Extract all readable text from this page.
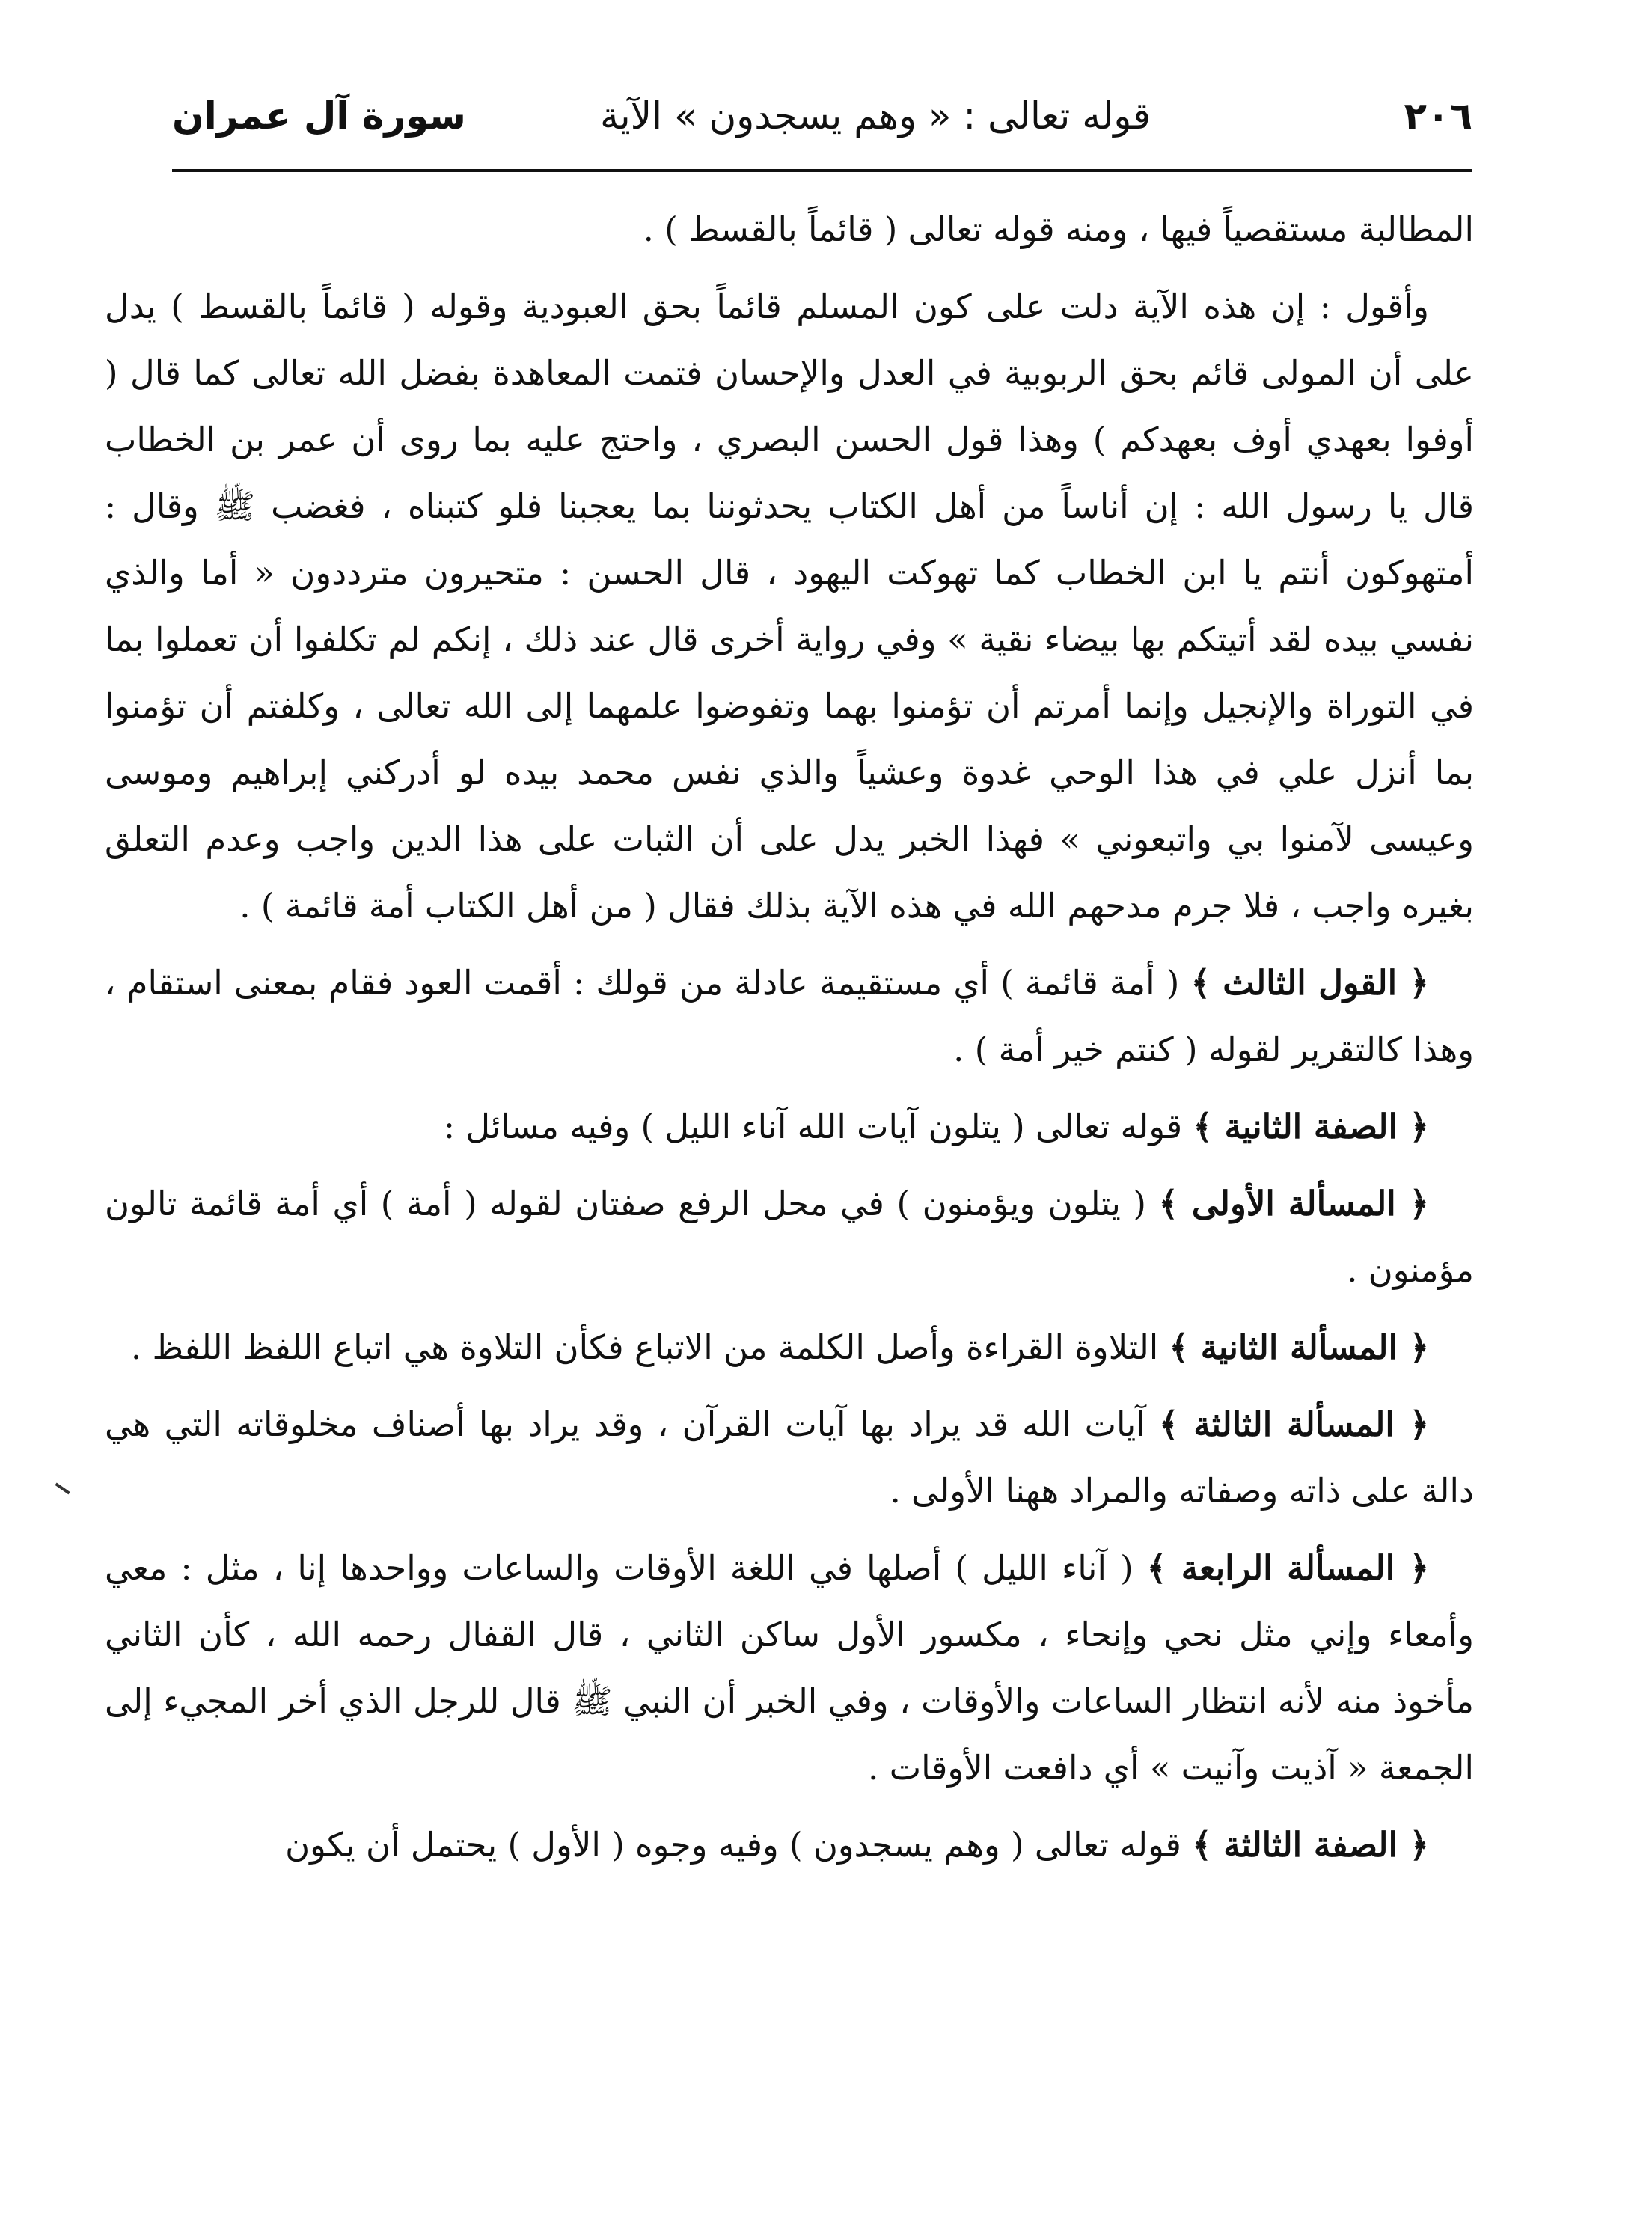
٢٠٦
قوله تعالى : « وهم يسجدون » الآية
سورة آل عمران

المطالبة مستقصياً فيها ، ومنه قوله تعالى ( قائماً بالقسط ) .

وأقول : إن هذه الآية دلت على كون المسلم قائماً بحق العبودية وقوله ( قائماً بالقسط ) يدل على أن المولى قائم بحق الربوبية في العدل والإحسان فتمت المعاهدة بفضل الله تعالى كما قال ( أوفوا بعهدي أوف بعهدكم ) وهذا قول الحسن البصري ، واحتج عليه بما روى أن عمر بن الخطاب قال يا رسول الله : إن أناساً من أهل الكتاب يحدثوننا بما يعجبنا فلو كتبناه ، فغضب ﷺ وقال : أمتهوكون أنتم يا ابن الخطاب كما تهوكت اليهود ، قال الحسن : متحيرون مترددون « أما والذي نفسي بيده لقد أتيتكم بها بيضاء نقية » وفي رواية أخرى قال عند ذلك ، إنكم لم تكلفوا أن تعملوا بما في التوراة والإنجيل وإنما أمرتم أن تؤمنوا بهما وتفوضوا علمهما إلى الله تعالى ، وكلفتم أن تؤمنوا بما أنزل علي في هذا الوحي غدوة وعشياً والذي نفس محمد بيده لو أدركني إبراهيم وموسى وعيسى لآمنوا بي واتبعوني » فهذا الخبر يدل على أن الثبات على هذا الدين واجب وعدم التعلق بغيره واجب ، فلا جرم مدحهم الله في هذه الآية بذلك فقال ( من أهل الكتاب أمة قائمة ) .

﴿ القول الثالث ﴾ ( أمة قائمة ) أي مستقيمة عادلة من قولك : أقمت العود فقام بمعنى استقام ، وهذا كالتقرير لقوله ( كنتم خير أمة ) .

﴿ الصفة الثانية ﴾ قوله تعالى ( يتلون آيات الله آناء الليل ) وفيه مسائل :

﴿ المسألة الأولى ﴾ ( يتلون ويؤمنون ) في محل الرفع صفتان لقوله ( أمة ) أي أمة قائمة تالون مؤمنون .

﴿ المسألة الثانية ﴾ التلاوة القراءة وأصل الكلمة من الاتباع فكأن التلاوة هي اتباع اللفظ اللفظ .

﴿ المسألة الثالثة ﴾ آيات الله قد يراد بها آيات القرآن ، وقد يراد بها أصناف مخلوقاته التي هي دالة على ذاته وصفاته والمراد ههنا الأولى .

﴿ المسألة الرابعة ﴾ ( آناء الليل ) أصلها في اللغة الأوقات والساعات وواحدها إنا ، مثل : معي وأمعاء وإني مثل نحي وإنحاء ، مكسور الأول ساكن الثاني ، قال القفال رحمه الله ، كأن الثاني مأخوذ منه لأنه انتظار الساعات والأوقات ، وفي الخبر أن النبي ﷺ قال للرجل الذي أخر المجيء إلى الجمعة « آذيت وآنيت » أي دافعت الأوقات .

﴿ الصفة الثالثة ﴾ قوله تعالى ( وهم يسجدون ) وفيه وجوه ( الأول ) يحتمل أن يكون
